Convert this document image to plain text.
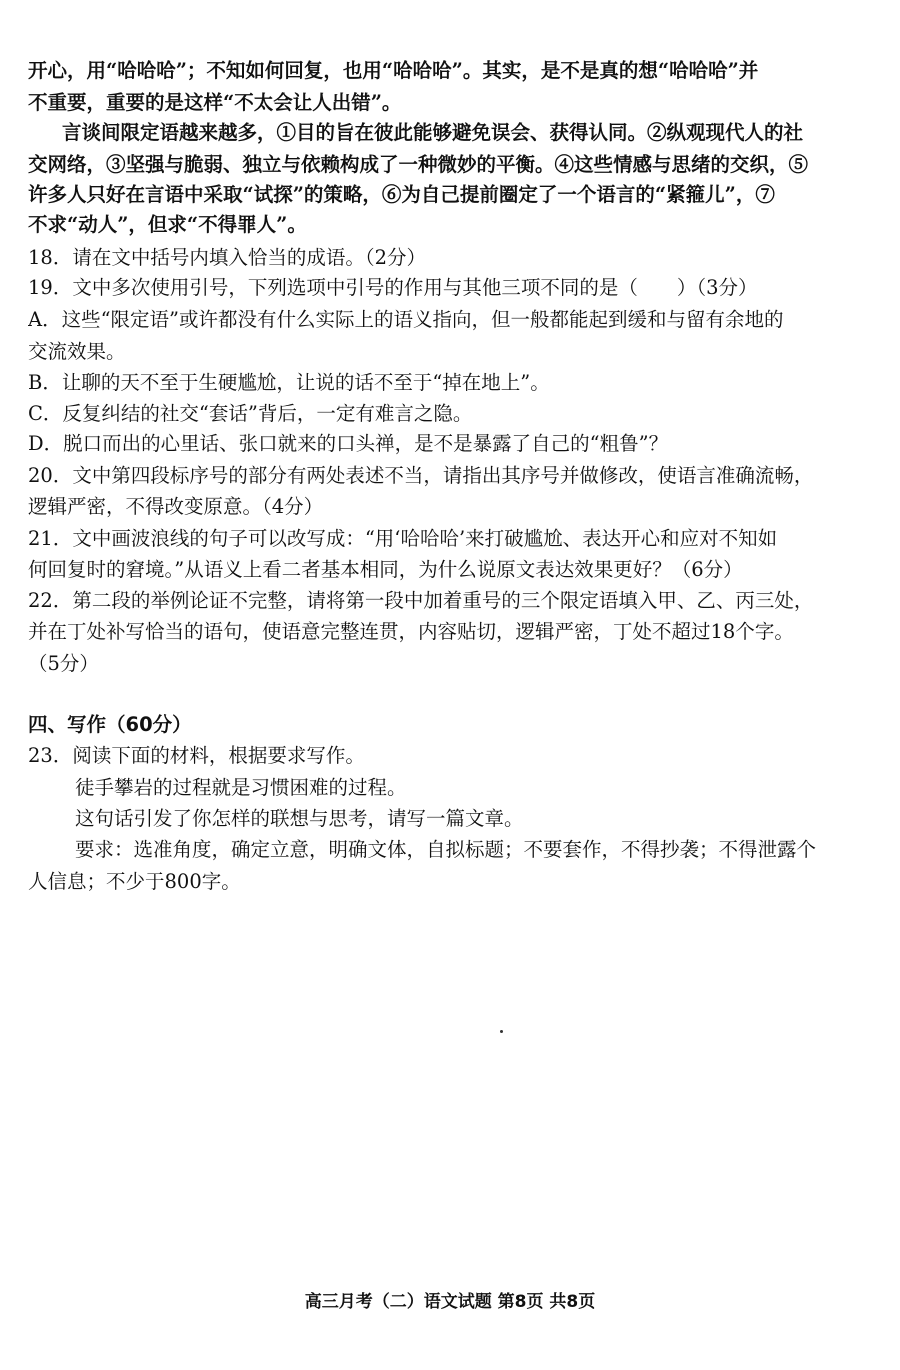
开心，用“哈哈哈”；不知如何回复，也用“哈哈哈”。其实，是不是真的想“哈哈哈”并
不重要，重要的是这样“不太会让人出错”。
言谈间限定语越来越多，①目的旨在彼此能够避免误会、获得认同。②纵观现代人的社
交网络，③坚强与脆弱、独立与依赖构成了一种微妙的平衡。④这些情感与思绪的交织，⑤
许多人只好在言语中采取“试探”的策略，⑥为自己提前圈定了一个语言的“紧箍儿”，⑦
不求“动人”，但求“不得罪人”。
18．请在文中括号内填入恰当的成语。（2分）
19．文中多次使用引号，下列选项中引号的作用与其他三项不同的是（　　）（3分）
A．这些“限定语”或许都没有什么实际上的语义指向，但一般都能起到缓和与留有余地的
交流效果。
B．让聊的天不至于生硬尴尬，让说的话不至于“掉在地上”。
C．反复纠结的社交“套话”背后，一定有难言之隐。
D．脱口而出的心里话、张口就来的口头禅，是不是暴露了自己的“粗鲁”？
20．文中第四段标序号的部分有两处表述不当，请指出其序号并做修改，使语言准确流畅，
逻辑严密，不得改变原意。（4分）
21．文中画波浪线的句子可以改写成：“用‘哈哈哈’来打破尴尬、表达开心和应对不知如
何回复时的窘境。”从语义上看二者基本相同，为什么说原文表达效果更好？（6分）
22．第二段的举例论证不完整，请将第一段中加着重号的三个限定语填入甲、乙、丙三处，
并在丁处补写恰当的语句，使语意完整连贯，内容贴切，逻辑严密，丁处不超过18个字。
（5分）
四、写作（60分）
23．阅读下面的材料，根据要求写作。
徒手攀岩的过程就是习惯困难的过程。
这句话引发了你怎样的联想与思考，请写一篇文章。
要求：选准角度，确定立意，明确文体，自拟标题；不要套作，不得抄袭；不得泄露个
人信息；不少于800字。
高三月考（二）语文试题 第8页 共8页
